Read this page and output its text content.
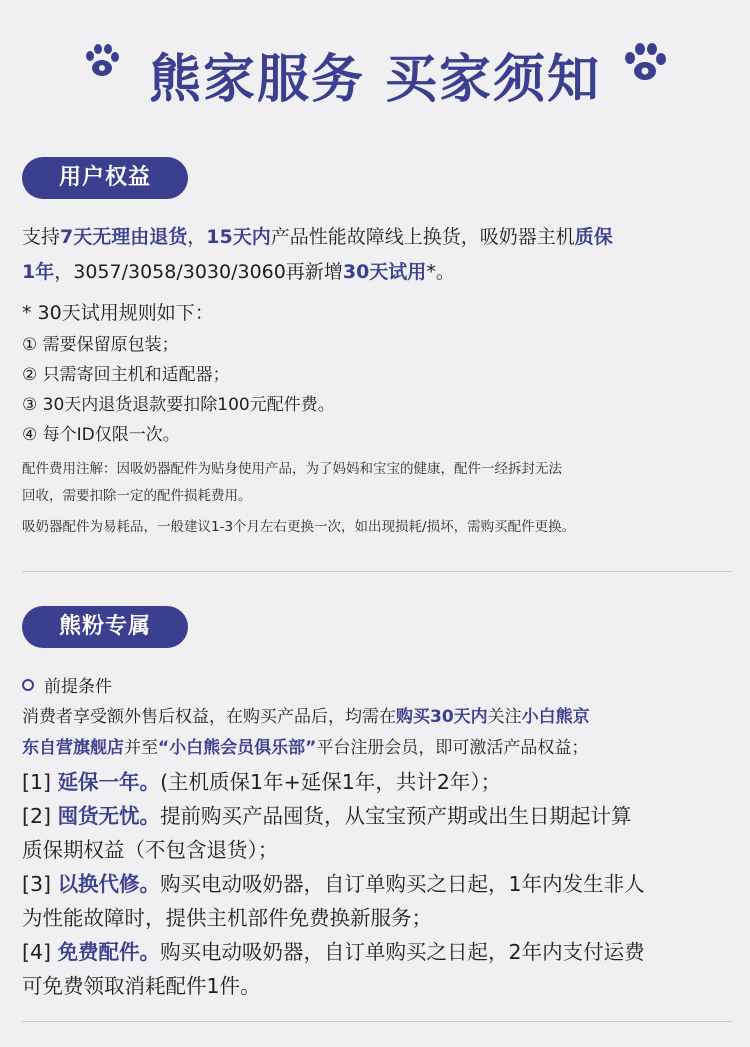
熊家服务 买家须知
用户权益

支持7天无理由退货，15天内产品性能故障线上换货，吸奶器主机质保

1年，3057/3058/3030/3060再新增30天试用*。

* 30天试用规则如下：

① 需要保留原包装；

② 只需寄回主机和适配器；

③ 30天内退货退款要扣除100元配件费。

④ 每个ID仅限一次。

配件费用注解：因吸奶器配件为贴身使用产品，为了妈妈和宝宝的健康，配件一经拆封无法

回收，需要扣除一定的配件损耗费用。

吸奶器配件为易耗品，一般建议1-3个月左右更换一次，如出现损耗/损坏，需购买配件更换。

熊粉专属

前提条件

消费者享受额外售后权益，在购买产品后，均需在购买30天内关注小白熊京

东自营旗舰店并至“小白熊会员俱乐部”平台注册会员，即可激活产品权益；

[1] 延保一年。(主机质保1年+延保1年，共计2年）；

[2] 囤货无忧。提前购买产品囤货，从宝宝预产期或出生日期起计算

质保期权益（不包含退货）；

[3] 以换代修。购买电动吸奶器，自订单购买之日起，1年内发生非人

为性能故障时，提供主机部件免费换新服务；

[4] 免费配件。购买电动吸奶器，自订单购买之日起，2年内支付运费

可免费领取消耗配件1件。
